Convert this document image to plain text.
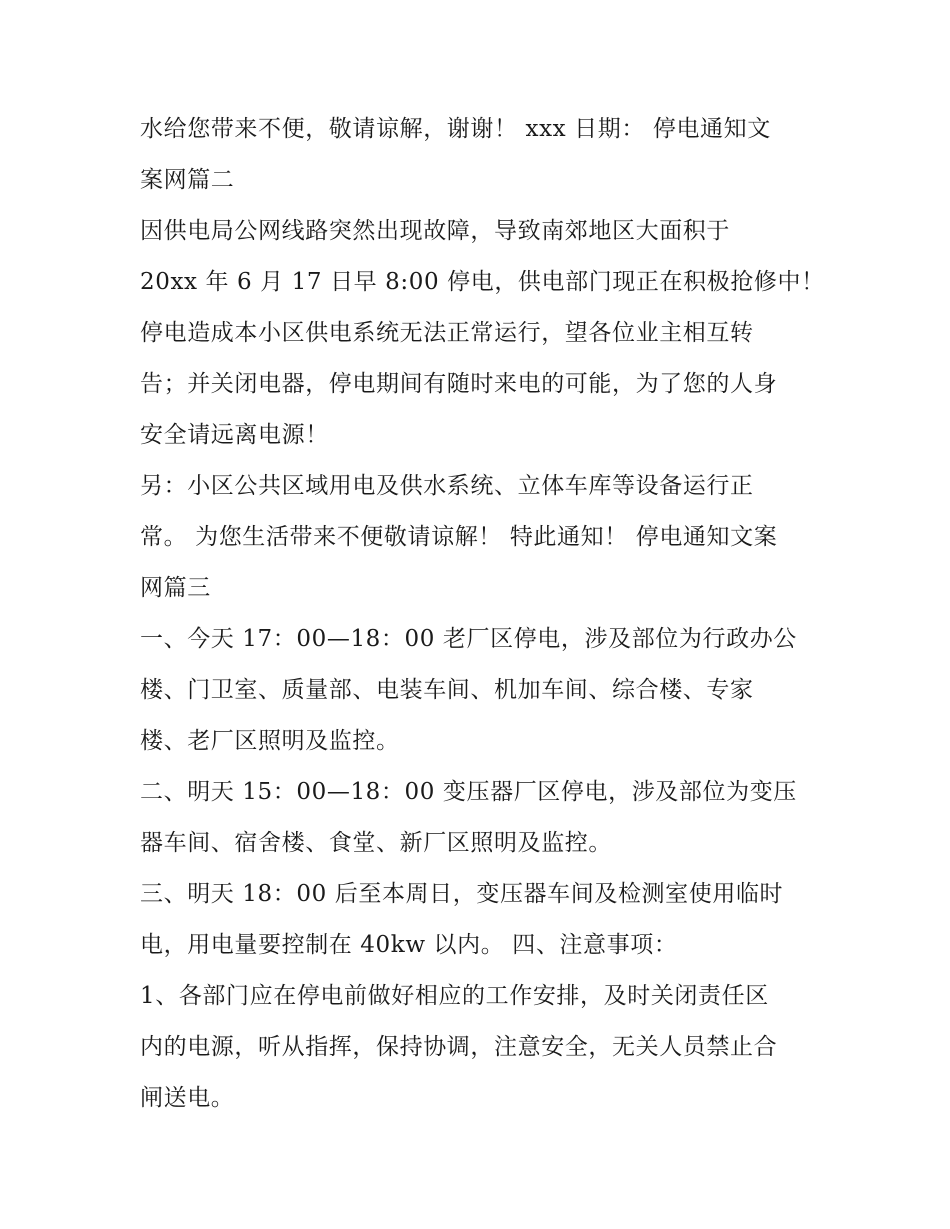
水给您带来不便，敬请谅解，谢谢！ xxx 日期： 停电通知文
案网篇二
因供电局公网线路突然出现故障，导致南郊地区大面积于
20xx 年 6 月 17 日早 8:00 停电，供电部门现正在积极抢修中！
停电造成本小区供电系统无法正常运行，望各位业主相互转
告；并关闭电器，停电期间有随时来电的可能，为了您的人身
安全请远离电源！
另：小区公共区域用电及供水系统、立体车库等设备运行正
常。 为您生活带来不便敬请谅解！ 特此通知！ 停电通知文案
网篇三
一、今天 17：00—18：00 老厂区停电，涉及部位为行政办公
楼、门卫室、质量部、电装车间、机加车间、综合楼、专家
楼、老厂区照明及监控。
二、明天 15：00—18：00 变压器厂区停电，涉及部位为变压
器车间、宿舍楼、食堂、新厂区照明及监控。
三、明天 18：00 后至本周日，变压器车间及检测室使用临时
电，用电量要控制在 40kw 以内。 四、注意事项：
1、各部门应在停电前做好相应的工作安排，及时关闭责任区
内的电源，听从指挥，保持协调，注意安全，无关人员禁止合
闸送电。
